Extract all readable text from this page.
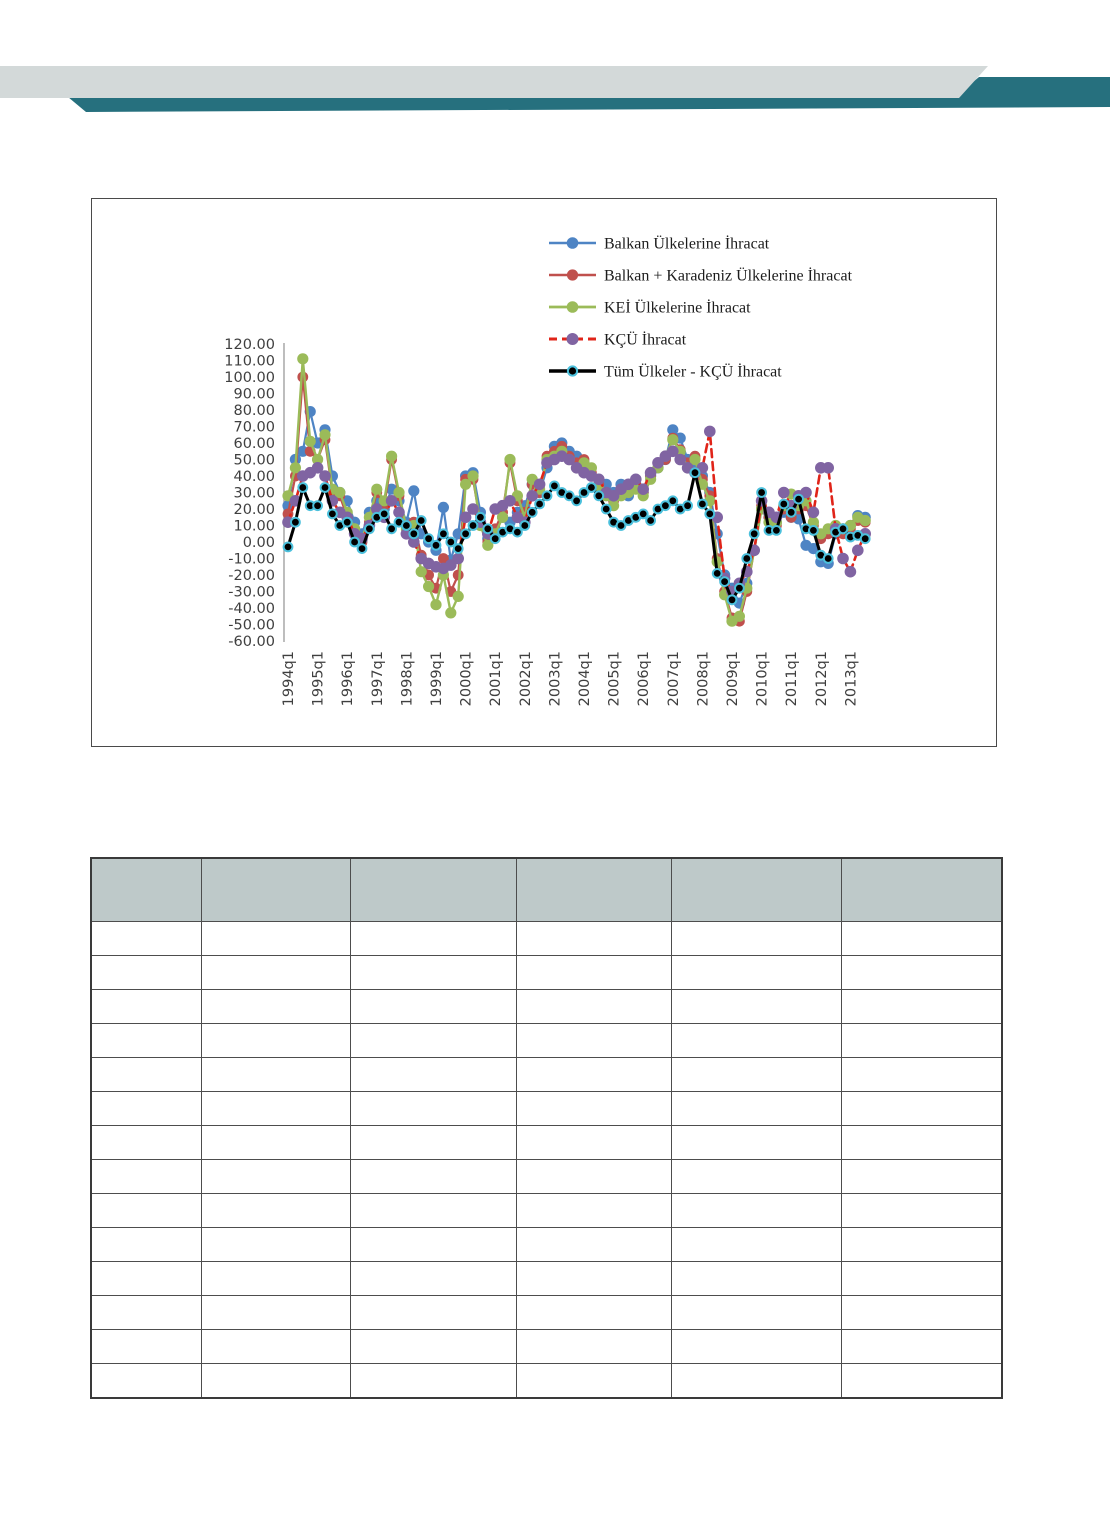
120.00
110.00
100.00
90.00
80.00
70.00
60.00
50.00
40.00
30.00
20.00
10.00
0.00
-10.00
-20.00
-30.00
-40.00
-50.00
-60.00
1994q1 1995q1 1996q1 1997q1 1998q1 1999q1 2000q1 2001q1 2002q1 2003q1 2004q1 2005q1 2006q1 2007q1 2008q1 2009q1 2010q1 2011q1 2012q1 2013q1
Balkan Ülkelerine İhracat
Balkan + Karadeniz Ülkelerine İhracat
KEİ Ülkelerine İhracat
KÇÜ İhracat
Tüm Ülkeler - KÇÜ İhracat
